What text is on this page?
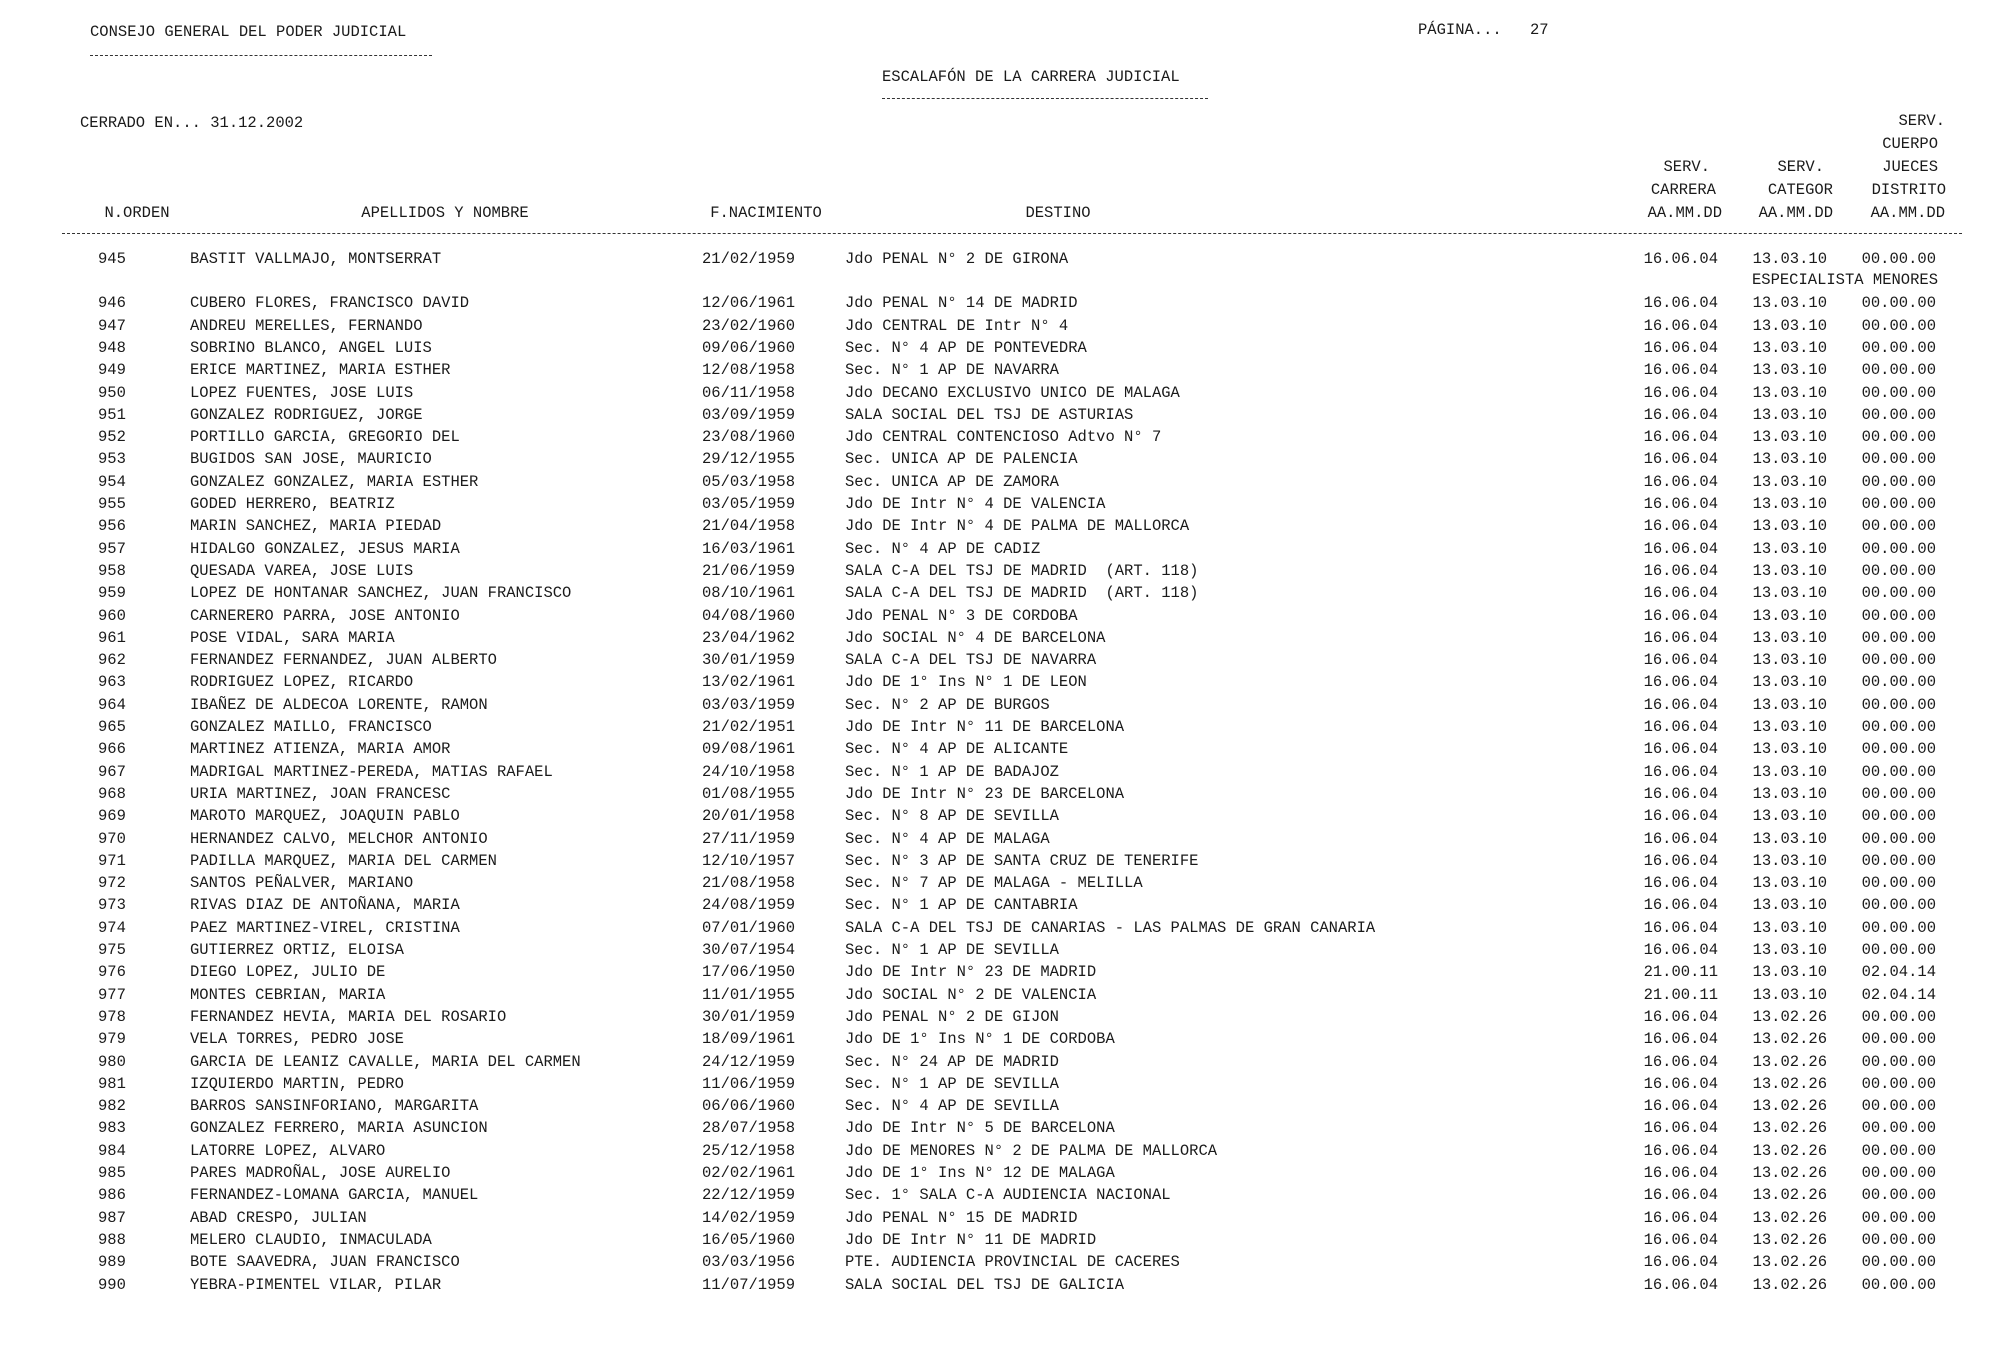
CONSEJO GENERAL DEL PODER JUDICIAL	PÁGINA... 27
ESCALAFÓN DE LA CARRERA JUDICIAL
CERRADO EN... 31.12.2002
N.ORDEN	APELLIDOS Y NOMBRE	F.NACIMIENTO	DESTINO
SERV.
CARRERA
AA.MM.DD
SERV.
CATEGOR
AA.MM.DD
SERV.
CUERPO
JUECES
DISTRITO
AA.MM.DD
945	BASTIT VALLMAJO, MONTSERRAT	21/02/1959	Jdo PENAL N° 2 DE GIRONA	16.06.04 13.03.10 00.00.00
ESPECIALISTA MENORES
946	CUBERO FLORES, FRANCISCO DAVID	12/06/1961	Jdo PENAL N° 14 DE MADRID	16.06.04 13.03.10 00.00.00
947	ANDREU MERELLES, FERNANDO	23/02/1960	Jdo CENTRAL DE Intr N° 4	16.06.04 13.03.10 00.00.00
948	SOBRINO BLANCO, ANGEL LUIS	09/06/1960	Sec. N° 4 AP DE PONTEVEDRA	16.06.04 13.03.10 00.00.00
949	ERICE MARTINEZ, MARIA ESTHER	12/08/1958	Sec. N° 1 AP DE NAVARRA	16.06.04 13.03.10 00.00.00
950	LOPEZ FUENTES, JOSE LUIS	06/11/1958	Jdo DECANO EXCLUSIVO UNICO DE MALAGA	16.06.04 13.03.10 00.00.00
951	GONZALEZ RODRIGUEZ, JORGE	03/09/1959	SALA SOCIAL DEL TSJ DE ASTURIAS	16.06.04 13.03.10 00.00.00
952	PORTILLO GARCIA, GREGORIO DEL	23/08/1960	Jdo CENTRAL CONTENCIOSO Adtvo N° 7	16.06.04 13.03.10 00.00.00
953	BUGIDOS SAN JOSE, MAURICIO	29/12/1955	Sec. UNICA AP DE PALENCIA	16.06.04 13.03.10 00.00.00
954	GONZALEZ GONZALEZ, MARIA ESTHER	05/03/1958	Sec. UNICA AP DE ZAMORA	16.06.04 13.03.10 00.00.00
955	GODED HERRERO, BEATRIZ	03/05/1959	Jdo DE Intr N° 4 DE VALENCIA	16.06.04 13.03.10 00.00.00
956	MARIN SANCHEZ, MARIA PIEDAD	21/04/1958	Jdo DE Intr N° 4 DE PALMA DE MALLORCA	16.06.04 13.03.10 00.00.00
957	HIDALGO GONZALEZ, JESUS MARIA	16/03/1961	Sec. N° 4 AP DE CADIZ	16.06.04 13.03.10 00.00.00
958	QUESADA VAREA, JOSE LUIS	21/06/1959	SALA C-A DEL TSJ DE MADRID  (ART. 118)	16.06.04 13.03.10 00.00.00
959	LOPEZ DE HONTANAR SANCHEZ, JUAN FRANCISCO	08/10/1961	SALA C-A DEL TSJ DE MADRID  (ART. 118)	16.06.04 13.03.10 00.00.00
960	CARNERERO PARRA, JOSE ANTONIO	04/08/1960	Jdo PENAL N° 3 DE CORDOBA	16.06.04 13.03.10 00.00.00
961	POSE VIDAL, SARA MARIA	23/04/1962	Jdo SOCIAL N° 4 DE BARCELONA	16.06.04 13.03.10 00.00.00
962	FERNANDEZ FERNANDEZ, JUAN ALBERTO	30/01/1959	SALA C-A DEL TSJ DE NAVARRA	16.06.04 13.03.10 00.00.00
963	RODRIGUEZ LOPEZ, RICARDO	13/02/1961	Jdo DE 1° Ins N° 1 DE LEON	16.06.04 13.03.10 00.00.00
964	IBAÑEZ DE ALDECOA LORENTE, RAMON	03/03/1959	Sec. N° 2 AP DE BURGOS	16.06.04 13.03.10 00.00.00
965	GONZALEZ MAILLO, FRANCISCO	21/02/1951	Jdo DE Intr N° 11 DE BARCELONA	16.06.04 13.03.10 00.00.00
966	MARTINEZ ATIENZA, MARIA AMOR	09/08/1961	Sec. N° 4 AP DE ALICANTE	16.06.04 13.03.10 00.00.00
967	MADRIGAL MARTINEZ-PEREDA, MATIAS RAFAEL	24/10/1958	Sec. N° 1 AP DE BADAJOZ	16.06.04 13.03.10 00.00.00
968	URIA MARTINEZ, JOAN FRANCESC	01/08/1955	Jdo DE Intr N° 23 DE BARCELONA	16.06.04 13.03.10 00.00.00
969	MAROTO MARQUEZ, JOAQUIN PABLO	20/01/1958	Sec. N° 8 AP DE SEVILLA	16.06.04 13.03.10 00.00.00
970	HERNANDEZ CALVO, MELCHOR ANTONIO	27/11/1959	Sec. N° 4 AP DE MALAGA	16.06.04 13.03.10 00.00.00
971	PADILLA MARQUEZ, MARIA DEL CARMEN	12/10/1957	Sec. N° 3 AP DE SANTA CRUZ DE TENERIFE	16.06.04 13.03.10 00.00.00
972	SANTOS PEÑALVER, MARIANO	21/08/1958	Sec. N° 7 AP DE MALAGA - MELILLA	16.06.04 13.03.10 00.00.00
973	RIVAS DIAZ DE ANTOÑANA, MARIA	24/08/1959	Sec. N° 1 AP DE CANTABRIA	16.06.04 13.03.10 00.00.00
974	PAEZ MARTINEZ-VIREL, CRISTINA	07/01/1960	SALA C-A DEL TSJ DE CANARIAS - LAS PALMAS DE GRAN CANARIA	16.06.04 13.03.10 00.00.00
975	GUTIERREZ ORTIZ, ELOISA	30/07/1954	Sec. N° 1 AP DE SEVILLA	16.06.04 13.03.10 00.00.00
976	DIEGO LOPEZ, JULIO DE	17/06/1950	Jdo DE Intr N° 23 DE MADRID	21.00.11 13.03.10 02.04.14
977	MONTES CEBRIAN, MARIA	11/01/1955	Jdo SOCIAL N° 2 DE VALENCIA	21.00.11 13.03.10 02.04.14
978	FERNANDEZ HEVIA, MARIA DEL ROSARIO	30/01/1959	Jdo PENAL N° 2 DE GIJON	16.06.04 13.02.26 00.00.00
979	VELA TORRES, PEDRO JOSE	18/09/1961	Jdo DE 1° Ins N° 1 DE CORDOBA	16.06.04 13.02.26 00.00.00
980	GARCIA DE LEANIZ CAVALLE, MARIA DEL CARMEN	24/12/1959	Sec. N° 24 AP DE MADRID	16.06.04 13.02.26 00.00.00
981	IZQUIERDO MARTIN, PEDRO	11/06/1959	Sec. N° 1 AP DE SEVILLA	16.06.04 13.02.26 00.00.00
982	BARROS SANSINFORIANO, MARGARITA	06/06/1960	Sec. N° 4 AP DE SEVILLA	16.06.04 13.02.26 00.00.00
983	GONZALEZ FERRERO, MARIA ASUNCION	28/07/1958	Jdo DE Intr N° 5 DE BARCELONA	16.06.04 13.02.26 00.00.00
984	LATORRE LOPEZ, ALVARO	25/12/1958	Jdo DE MENORES N° 2 DE PALMA DE MALLORCA	16.06.04 13.02.26 00.00.00
985	PARES MADROÑAL, JOSE AURELIO	02/02/1961	Jdo DE 1° Ins N° 12 DE MALAGA	16.06.04 13.02.26 00.00.00
986	FERNANDEZ-LOMANA GARCIA, MANUEL	22/12/1959	Sec. 1° SALA C-A AUDIENCIA NACIONAL	16.06.04 13.02.26 00.00.00
987	ABAD CRESPO, JULIAN	14/02/1959	Jdo PENAL N° 15 DE MADRID	16.06.04 13.02.26 00.00.00
988	MELERO CLAUDIO, INMACULADA	16/05/1960	Jdo DE Intr N° 11 DE MADRID	16.06.04 13.02.26 00.00.00
989	BOTE SAAVEDRA, JUAN FRANCISCO	03/03/1956	PTE. AUDIENCIA PROVINCIAL DE CACERES	16.06.04 13.02.26 00.00.00
990	YEBRA-PIMENTEL VILAR, PILAR	11/07/1959	SALA SOCIAL DEL TSJ DE GALICIA	16.06.04 13.02.26 00.00.00
